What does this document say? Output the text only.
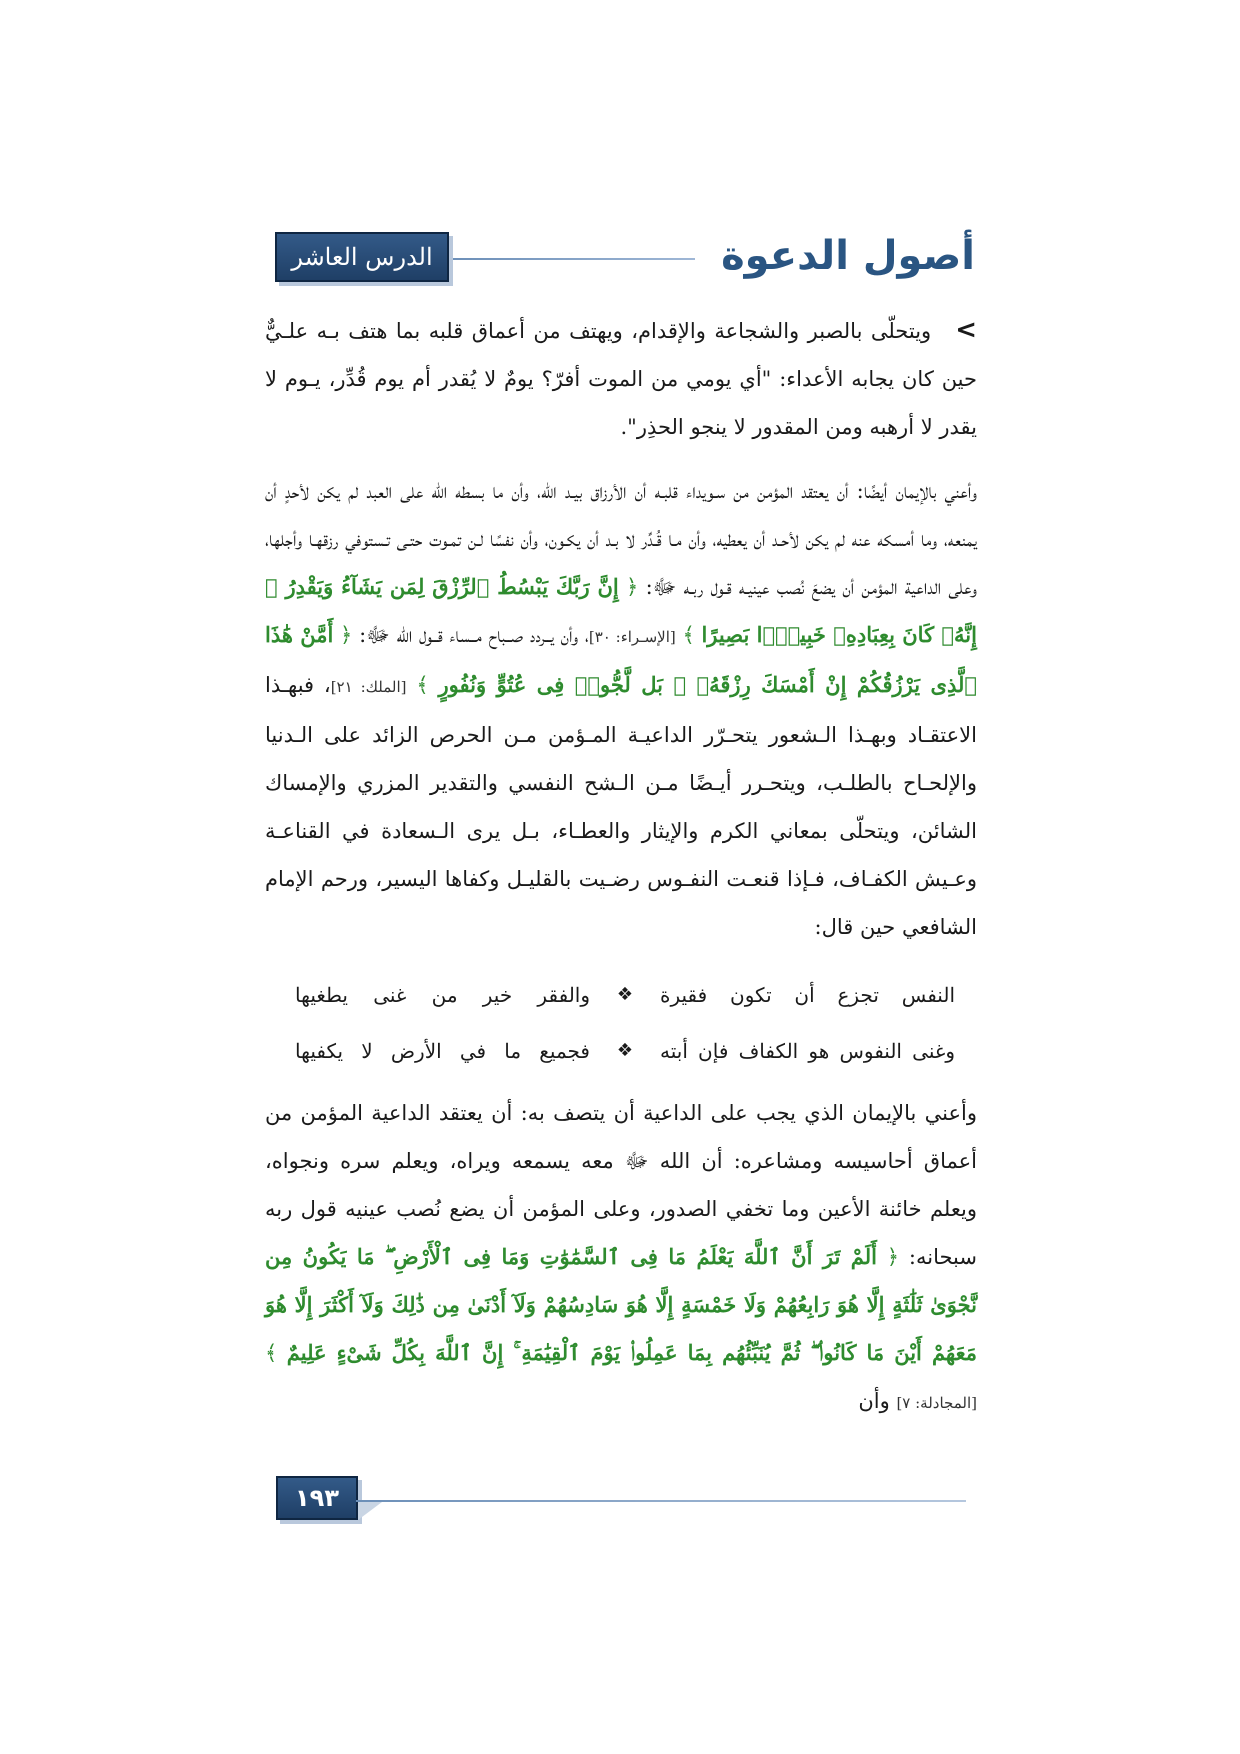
أصول الدعوة
الدرس العاشر

>ويتحلّى بالصبر والشجاعة والإقدام، ويهتف من أعماق قلبه بما هتف بـه علـيٌّ حين كان يجابه الأعداء: "أي يومي من الموت أفرّ؟ يومٌ لا يُقدر أم يوم قُدِّر، يـوم لا يقدر لا أرهبه ومن المقدور لا ينجو الحذِر".

وأعني بالإيمان أيضًا: أن يعتقد المؤمن من سـويداء قلبـه أن الأرزاق بيـد الله، وأن ما بسطه الله على العبد لم يكن لأحدٍ أن يمنعه، وما أمسكه عنه لم يكن لأحـد أن يعطيه، وأن مـا قُـدِّر لا بـد أن يكـون، وأن نفسًا لـن تمـوت حتـى تـستوفي رزقهـا وأجلها، وعلى الداعية المؤمن أن يضعَ نُصب عينيـه قـول ربـه ﷻ: ﴿ إِنَّ رَبَّكَ يَبْسُطُ ٱلرِّزْقَ لِمَن يَشَآءُ وَيَقْدِرُ ۚ إِنَّهُۥ كَانَ بِعِبَادِهِۦ خَبِيرًۢا بَصِيرًا ﴾ [الإسـراء: ٣٠]، وأن يــردد صــباح مــساء قــول الله ﷻ: ﴿ أَمَّنْ هَٰذَا ٱلَّذِى يَرْزُقُكُمْ إِنْ أَمْسَكَ رِزْقَهُۥ ۚ بَل لَّجُّوا۟ فِى عُتُوٍّ وَنُفُورٍ ﴾ [الملك: ٢١]، فبهـذا الاعتقـاد وبهـذا الـشعور يتحـرّر الداعيـة المـؤمن مـن الحرص الزائد على الـدنيا والإلحـاح بالطلـب، ويتحـرر أيـضًا مـن الـشح النفسي والتقدير المزري والإمساك الشائن، ويتحلّى بمعاني الكرم والإيثار والعطـاء، بـل يرى الـسعادة في القناعـة وعـيش الكفـاف، فـإذا قنعـت النفـوس رضـيت بالقليـل وكفاها اليسير، ورحم الإمام الشافعي حين قال:

النفس تجزع أن تكون فقيرة
❖
والفقر خير من غنى يطغيها
وغنى النفوس هو الكفاف فإن أبته
❖
فجميع ما في الأرض لا يكفيها

وأعني بالإيمان الذي يجب على الداعية أن يتصف به: أن يعتقد الداعية المؤمن من أعماق أحاسيسه ومشاعره: أن الله ﷻ معه يسمعه ويراه، ويعلم سره ونجواه، ويعلم خائنة الأعين وما تخفي الصدور، وعلى المؤمن أن يضع نُصب عينيه قول ربه سبحانه: ﴿ أَلَمْ تَرَ أَنَّ ٱللَّهَ يَعْلَمُ مَا فِى ٱلسَّمَٰوَٰتِ وَمَا فِى ٱلْأَرْضِ ۖ مَا يَكُونُ مِن نَّجْوَىٰ ثَلَٰثَةٍ إِلَّا هُوَ رَابِعُهُمْ وَلَا خَمْسَةٍ إِلَّا هُوَ سَادِسُهُمْ وَلَآ أَدْنَىٰ مِن ذَٰلِكَ وَلَآ أَكْثَرَ إِلَّا هُوَ مَعَهُمْ أَيْنَ مَا كَانُوا۟ ۖ ثُمَّ يُنَبِّئُهُم بِمَا عَمِلُوا۟ يَوْمَ ٱلْقِيَٰمَةِ ۚ إِنَّ ٱللَّهَ بِكُلِّ شَىْءٍ عَلِيمٌ ﴾ [المجادلة: ٧] وأن

١٩٣
